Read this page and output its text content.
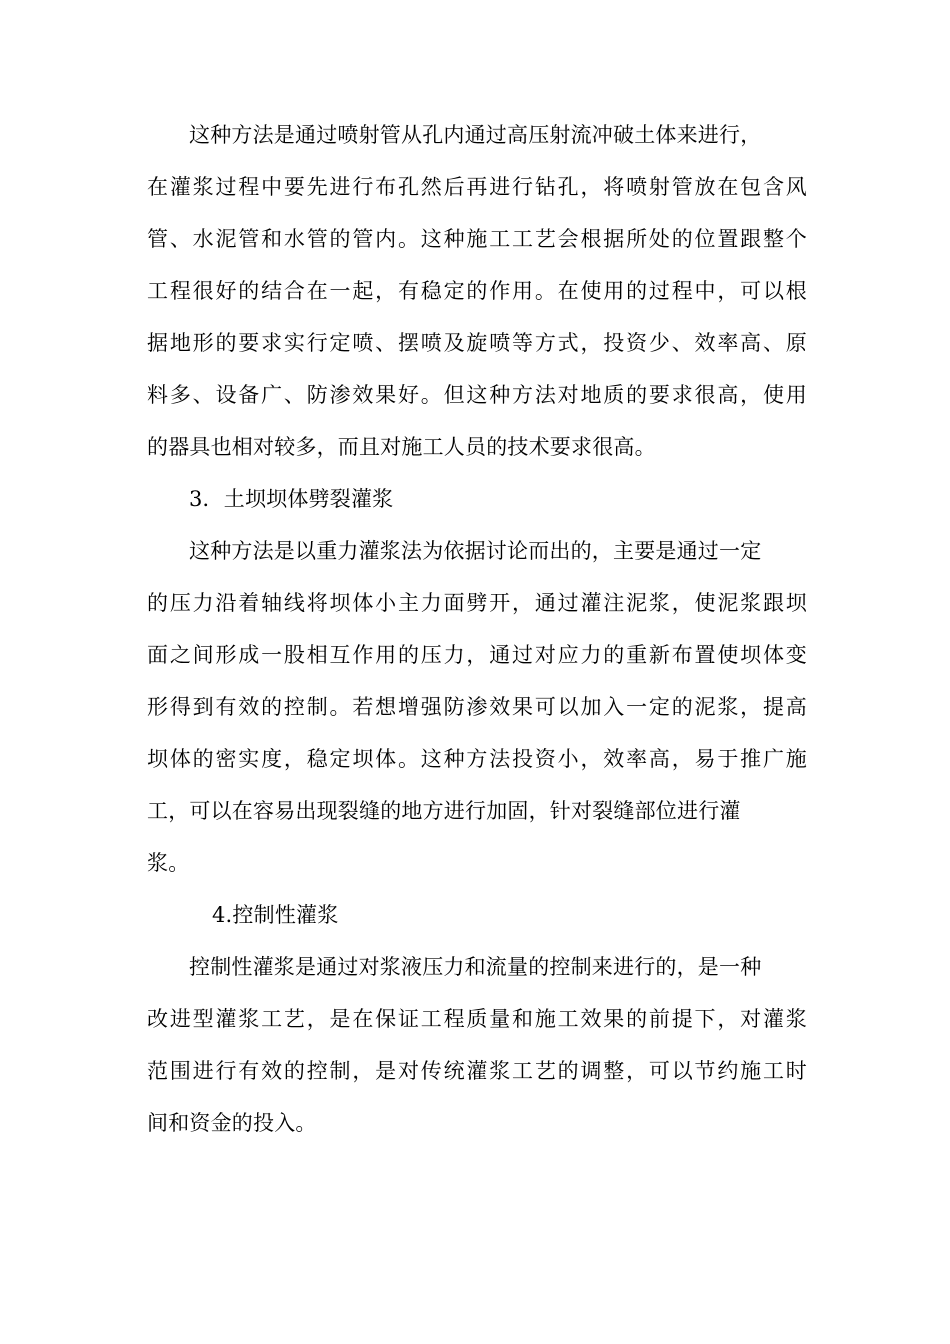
这种方法是通过喷射管从孔内通过高压射流冲破土体来进行，
在灌浆过程中要先进行布孔然后再进行钻孔，将喷射管放在包含风
管、水泥管和水管的管内。这种施工工艺会根据所处的位置跟整个
工程很好的结合在一起，有稳定的作用。在使用的过程中，可以根
据地形的要求实行定喷、摆喷及旋喷等方式，投资少、效率高、原
料多、设备广、防渗效果好。但这种方法对地质的要求很高，使用
的器具也相对较多，而且对施工人员的技术要求很高。
3．土坝坝体劈裂灌浆
这种方法是以重力灌浆法为依据讨论而出的，主要是通过一定
的压力沿着轴线将坝体小主力面劈开，通过灌注泥浆，使泥浆跟坝
面之间形成一股相互作用的压力，通过对应力的重新布置使坝体变
形得到有效的控制。若想增强防渗效果可以加入一定的泥浆，提高
坝体的密实度，稳定坝体。这种方法投资小，效率高，易于推广施
工，可以在容易出现裂缝的地方进行加固，针对裂缝部位进行灌
浆。
4.控制性灌浆
控制性灌浆是通过对浆液压力和流量的控制来进行的，是一种
改进型灌浆工艺，是在保证工程质量和施工效果的前提下，对灌浆
范围进行有效的控制，是对传统灌浆工艺的调整，可以节约施工时
间和资金的投入。
